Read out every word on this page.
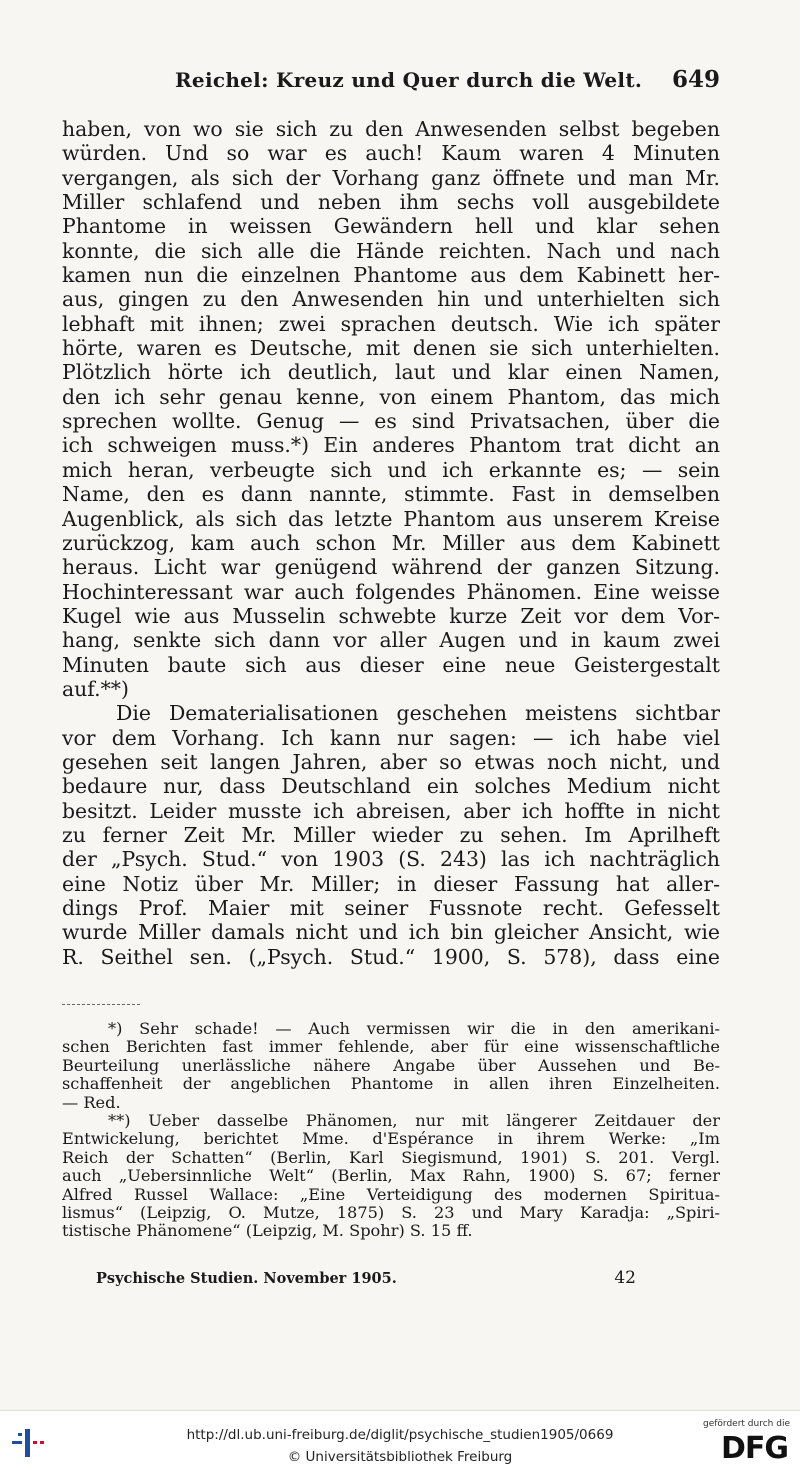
Reichel: Kreuz und Quer durch die Welt. 649
haben, von wo sie sich zu den Anwesenden selbst begeben
würden. Und so war es auch! Kaum waren 4 Minuten
vergangen, als sich der Vorhang ganz öffnete und man Mr.
Miller schlafend und neben ihm sechs voll ausgebildete
Phantome in weissen Gewändern hell und klar sehen
konnte, die sich alle die Hände reichten. Nach und nach
kamen nun die einzelnen Phantome aus dem Kabinett her-
aus, gingen zu den Anwesenden hin und unterhielten sich
lebhaft mit ihnen; zwei sprachen deutsch. Wie ich später
hörte, waren es Deutsche, mit denen sie sich unterhielten.
Plötzlich hörte ich deutlich, laut und klar einen Namen,
den ich sehr genau kenne, von einem Phantom, das mich
sprechen wollte. Genug — es sind Privatsachen, über die
ich schweigen muss.*) Ein anderes Phantom trat dicht an
mich heran, verbeugte sich und ich erkannte es; — sein
Name, den es dann nannte, stimmte. Fast in demselben
Augenblick, als sich das letzte Phantom aus unserem Kreise
zurückzog, kam auch schon Mr. Miller aus dem Kabinett
heraus. Licht war genügend während der ganzen Sitzung.
Hochinteressant war auch folgendes Phänomen. Eine weisse
Kugel wie aus Musselin schwebte kurze Zeit vor dem Vor-
hang, senkte sich dann vor aller Augen und in kaum zwei
Minuten baute sich aus dieser eine neue Geistergestalt
auf.**)
Die Dematerialisationen geschehen meistens sichtbar
vor dem Vorhang. Ich kann nur sagen: — ich habe viel
gesehen seit langen Jahren, aber so etwas noch nicht, und
bedaure nur, dass Deutschland ein solches Medium nicht
besitzt. Leider musste ich abreisen, aber ich hoffte in nicht
zu ferner Zeit Mr. Miller wieder zu sehen. Im Aprilheft
der „Psych. Stud.“ von 1903 (S. 243) las ich nachträglich
eine Notiz über Mr. Miller; in dieser Fassung hat aller-
dings Prof. Maier mit seiner Fussnote recht. Gefesselt
wurde Miller damals nicht und ich bin gleicher Ansicht, wie
R. Seithel sen. („Psych. Stud.“ 1900, S. 578), dass eine
*) Sehr schade! — Auch vermissen wir die in den amerikani-
schen Berichten fast immer fehlende, aber für eine wissenschaftliche
Beurteilung unerlässliche nähere Angabe über Aussehen und Be-
schaffenheit der angeblichen Phantome in allen ihren Einzelheiten.
— Red.
**) Ueber dasselbe Phänomen, nur mit längerer Zeitdauer der
Entwickelung, berichtet Mme. d'Espérance in ihrem Werke: „Im
Reich der Schatten“ (Berlin, Karl Siegismund, 1901) S. 201. Vergl.
auch „Uebersinnliche Welt“ (Berlin, Max Rahn, 1900) S. 67; ferner
Alfred Russel Wallace: „Eine Verteidigung des modernen Spiritua-
lismus“ (Leipzig, O. Mutze, 1875) S. 23 und Mary Karadja: „Spiri-
tistische Phänomene“ (Leipzig, M. Spohr) S. 15 ff.
Psychische Studien. November 1905.	42
http://dl.ub.uni-freiburg.de/diglit/psychische_studien1905/0669
© Universitätsbibliothek Freiburg
gefördert durch die
DFG
